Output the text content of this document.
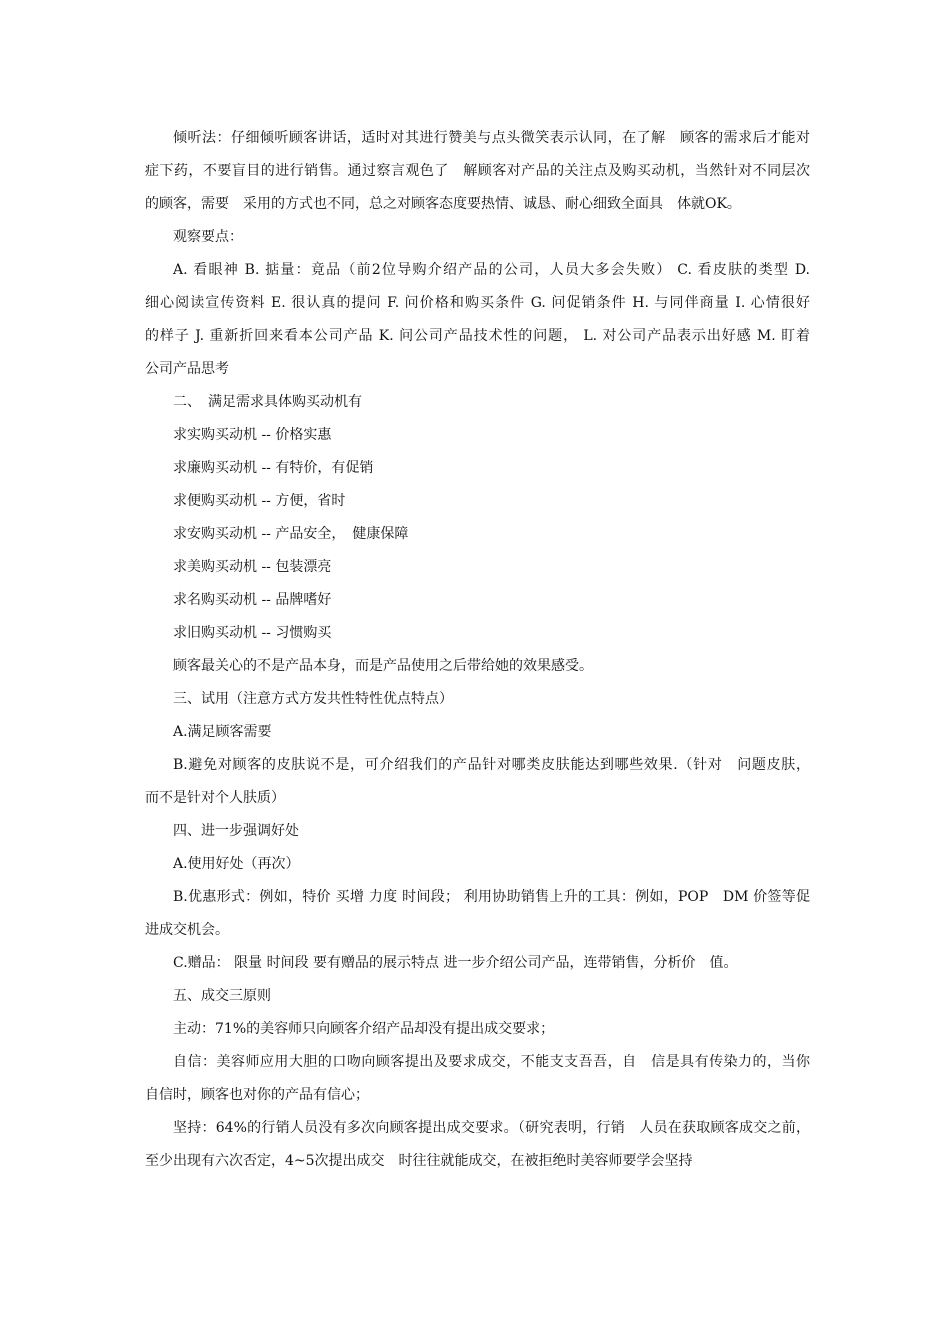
倾听法：仔细倾听顾客讲话，适时对其进行赞美与点头微笑表示认同，在了解　顾客的需求后才能对
症下药，不要盲目的进行销售。通过察言观色了　解顾客对产品的关注点及购买动机，当然针对不同层次
的顾客，需要　采用的方式也不同，总之对顾客态度要热情、诚恳、耐心细致全面具　体就OK。
观察要点：
A. 看眼神 B. 掂量：竟品（前2位导购介绍产品的公司，人员大多会失败） C. 看皮肤的类型 D.
细心阅读宣传资料 E. 很认真的提问 F. 问价格和购买条件 G. 问促销条件 H. 与同伴商量 I. 心情很好
的样子 J. 重新折回来看本公司产品 K. 问公司产品技术性的问题， L. 对公司产品表示出好感 M. 盯着
公司产品思考
二、　满足需求具体购买动机有
求实购买动机 -- 价格实惠
求廉购买动机 -- 有特价，有促销
求便购买动机 -- 方便，省时
求安购买动机 -- 产品安全，　健康保障
求美购买动机 -- 包装漂亮
求名购买动机 -- 品牌嗜好
求旧购买动机 -- 习惯购买
顾客最关心的不是产品本身，而是产品使用之后带给她的效果感受。
三、试用（注意方式方发共性特性优点特点）
A.满足顾客需要
B.避免对顾客的皮肤说不是，可介绍我们的产品针对哪类皮肤能达到哪些效果.（针对　问题皮肤，
而不是针对个人肤质）
四、进一步强调好处
A.使用好处（再次）
B.优惠形式：例如，特价 买增 力度 时间段； 利用协助销售上升的工具：例如，POP　DM 价签等促
进成交机会。
C.赠品： 限量 时间段 要有赠品的展示特点 进一步介绍公司产品，连带销售，分析价　值。
五、成交三原则
主动：71%的美容师只向顾客介绍产品却没有提出成交要求；
自信：美容师应用大胆的口吻向顾客提出及要求成交，不能支支吾吾，自　信是具有传染力的，当你
自信时，顾客也对你的产品有信心；
坚持：64%的行销人员没有多次向顾客提出成交要求。（研究表明，行销　人员在获取顾客成交之前，
至少出现有六次否定，4~5次提出成交　时往往就能成交，在被拒绝时美容师要学会坚持
